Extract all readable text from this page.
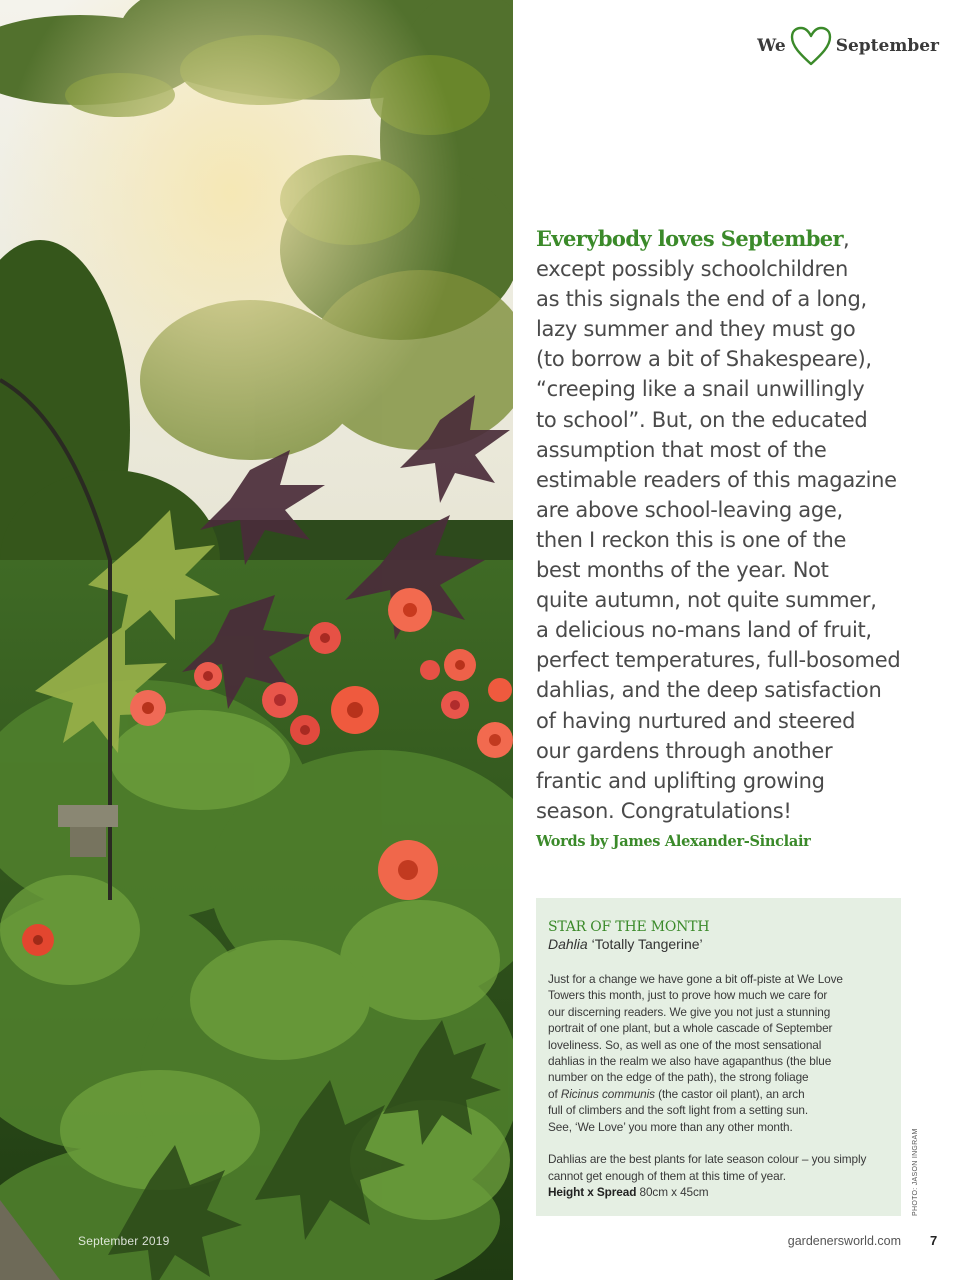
September 2019
We	September
Everybody loves September,
except possibly schoolchildren
as this signals the end of a long,
lazy summer and they must go
(to borrow a bit of Shakespeare),
“creeping like a snail unwillingly
to school”. But, on the educated
assumption that most of the
estimable readers of this magazine
are above school-leaving age,
then I reckon this is one of the
best months of the year. Not
quite autumn, not quite summer,
a delicious no-mans land of fruit,
perfect temperatures, full-bosomed
dahlias, and the deep satisfaction
of having nurtured and steered
our gardens through another
frantic and uplifting growing
season. Congratulations!
Words by James Alexander-Sinclair
STAR OF THE MONTH
Dahlia ‘Totally Tangerine’

Just for a change we have gone a bit off-piste at We Love
Towers this month, just to prove how much we care for
our discerning readers. We give you not just a stunning
portrait of one plant, but a whole cascade of September
loveliness. So, as well as one of the most sensational
dahlias in the realm we also have agapanthus (the blue
number on the edge of the path), the strong foliage
of Ricinus communis (the castor oil plant), an arch
full of climbers and the soft light from a setting sun.
See, ‘We Love’ you more than any other month.

Dahlias are the best plants for late season colour – you simply
cannot get enough of them at this time of year.
Height x Spread 80cm x 45cm	PHOTO: JASON INGRAM
gardenersworld.com 7
